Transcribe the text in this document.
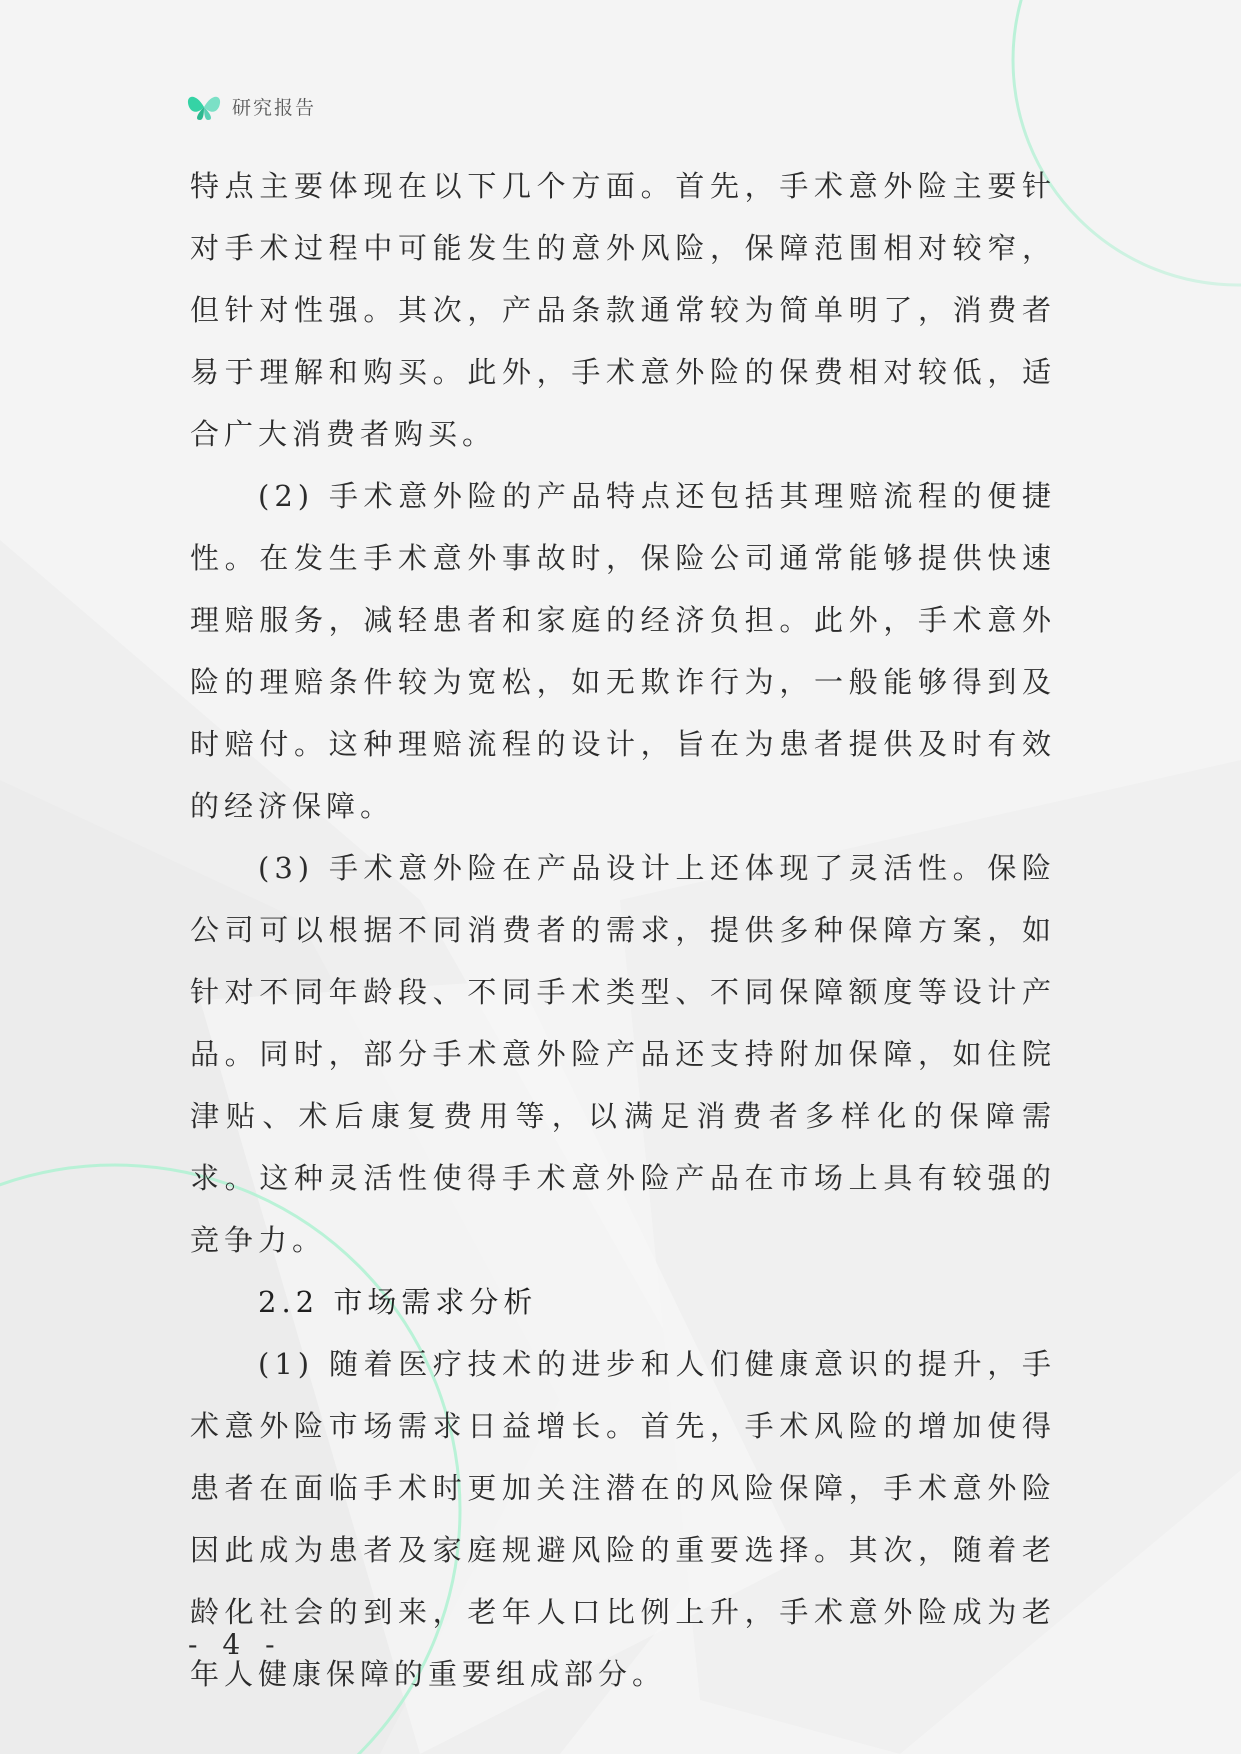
研究报告

特点主要体现在以下几个方面。首先，手术意外险主要针对手术过程中可能发生的意外风险，保障范围相对较窄，但针对性强。其次，产品条款通常较为简单明了，消费者易于理解和购买。此外，手术意外险的保费相对较低，适合广大消费者购买。

(2) 手术意外险的产品特点还包括其理赔流程的便捷性。在发生手术意外事故时，保险公司通常能够提供快速理赔服务，减轻患者和家庭的经济负担。此外，手术意外险的理赔条件较为宽松，如无欺诈行为，一般能够得到及时赔付。这种理赔流程的设计，旨在为患者提供及时有效的经济保障。

(3) 手术意外险在产品设计上还体现了灵活性。保险公司可以根据不同消费者的需求，提供多种保障方案，如针对不同年龄段、不同手术类型、不同保障额度等设计产品。同时，部分手术意外险产品还支持附加保障，如住院津贴、术后康复费用等，以满足消费者多样化的保障需求。这种灵活性使得手术意外险产品在市场上具有较强的竞争力。

2.2 市场需求分析

(1) 随着医疗技术的进步和人们健康意识的提升，手术意外险市场需求日益增长。首先，手术风险的增加使得患者在面临手术时更加关注潜在的风险保障，手术意外险因此成为患者及家庭规避风险的重要选择。其次，随着老龄化社会的到来，老年人口比例上升，手术意外险成为老年人健康保障的重要组成部分。

- 4 -
